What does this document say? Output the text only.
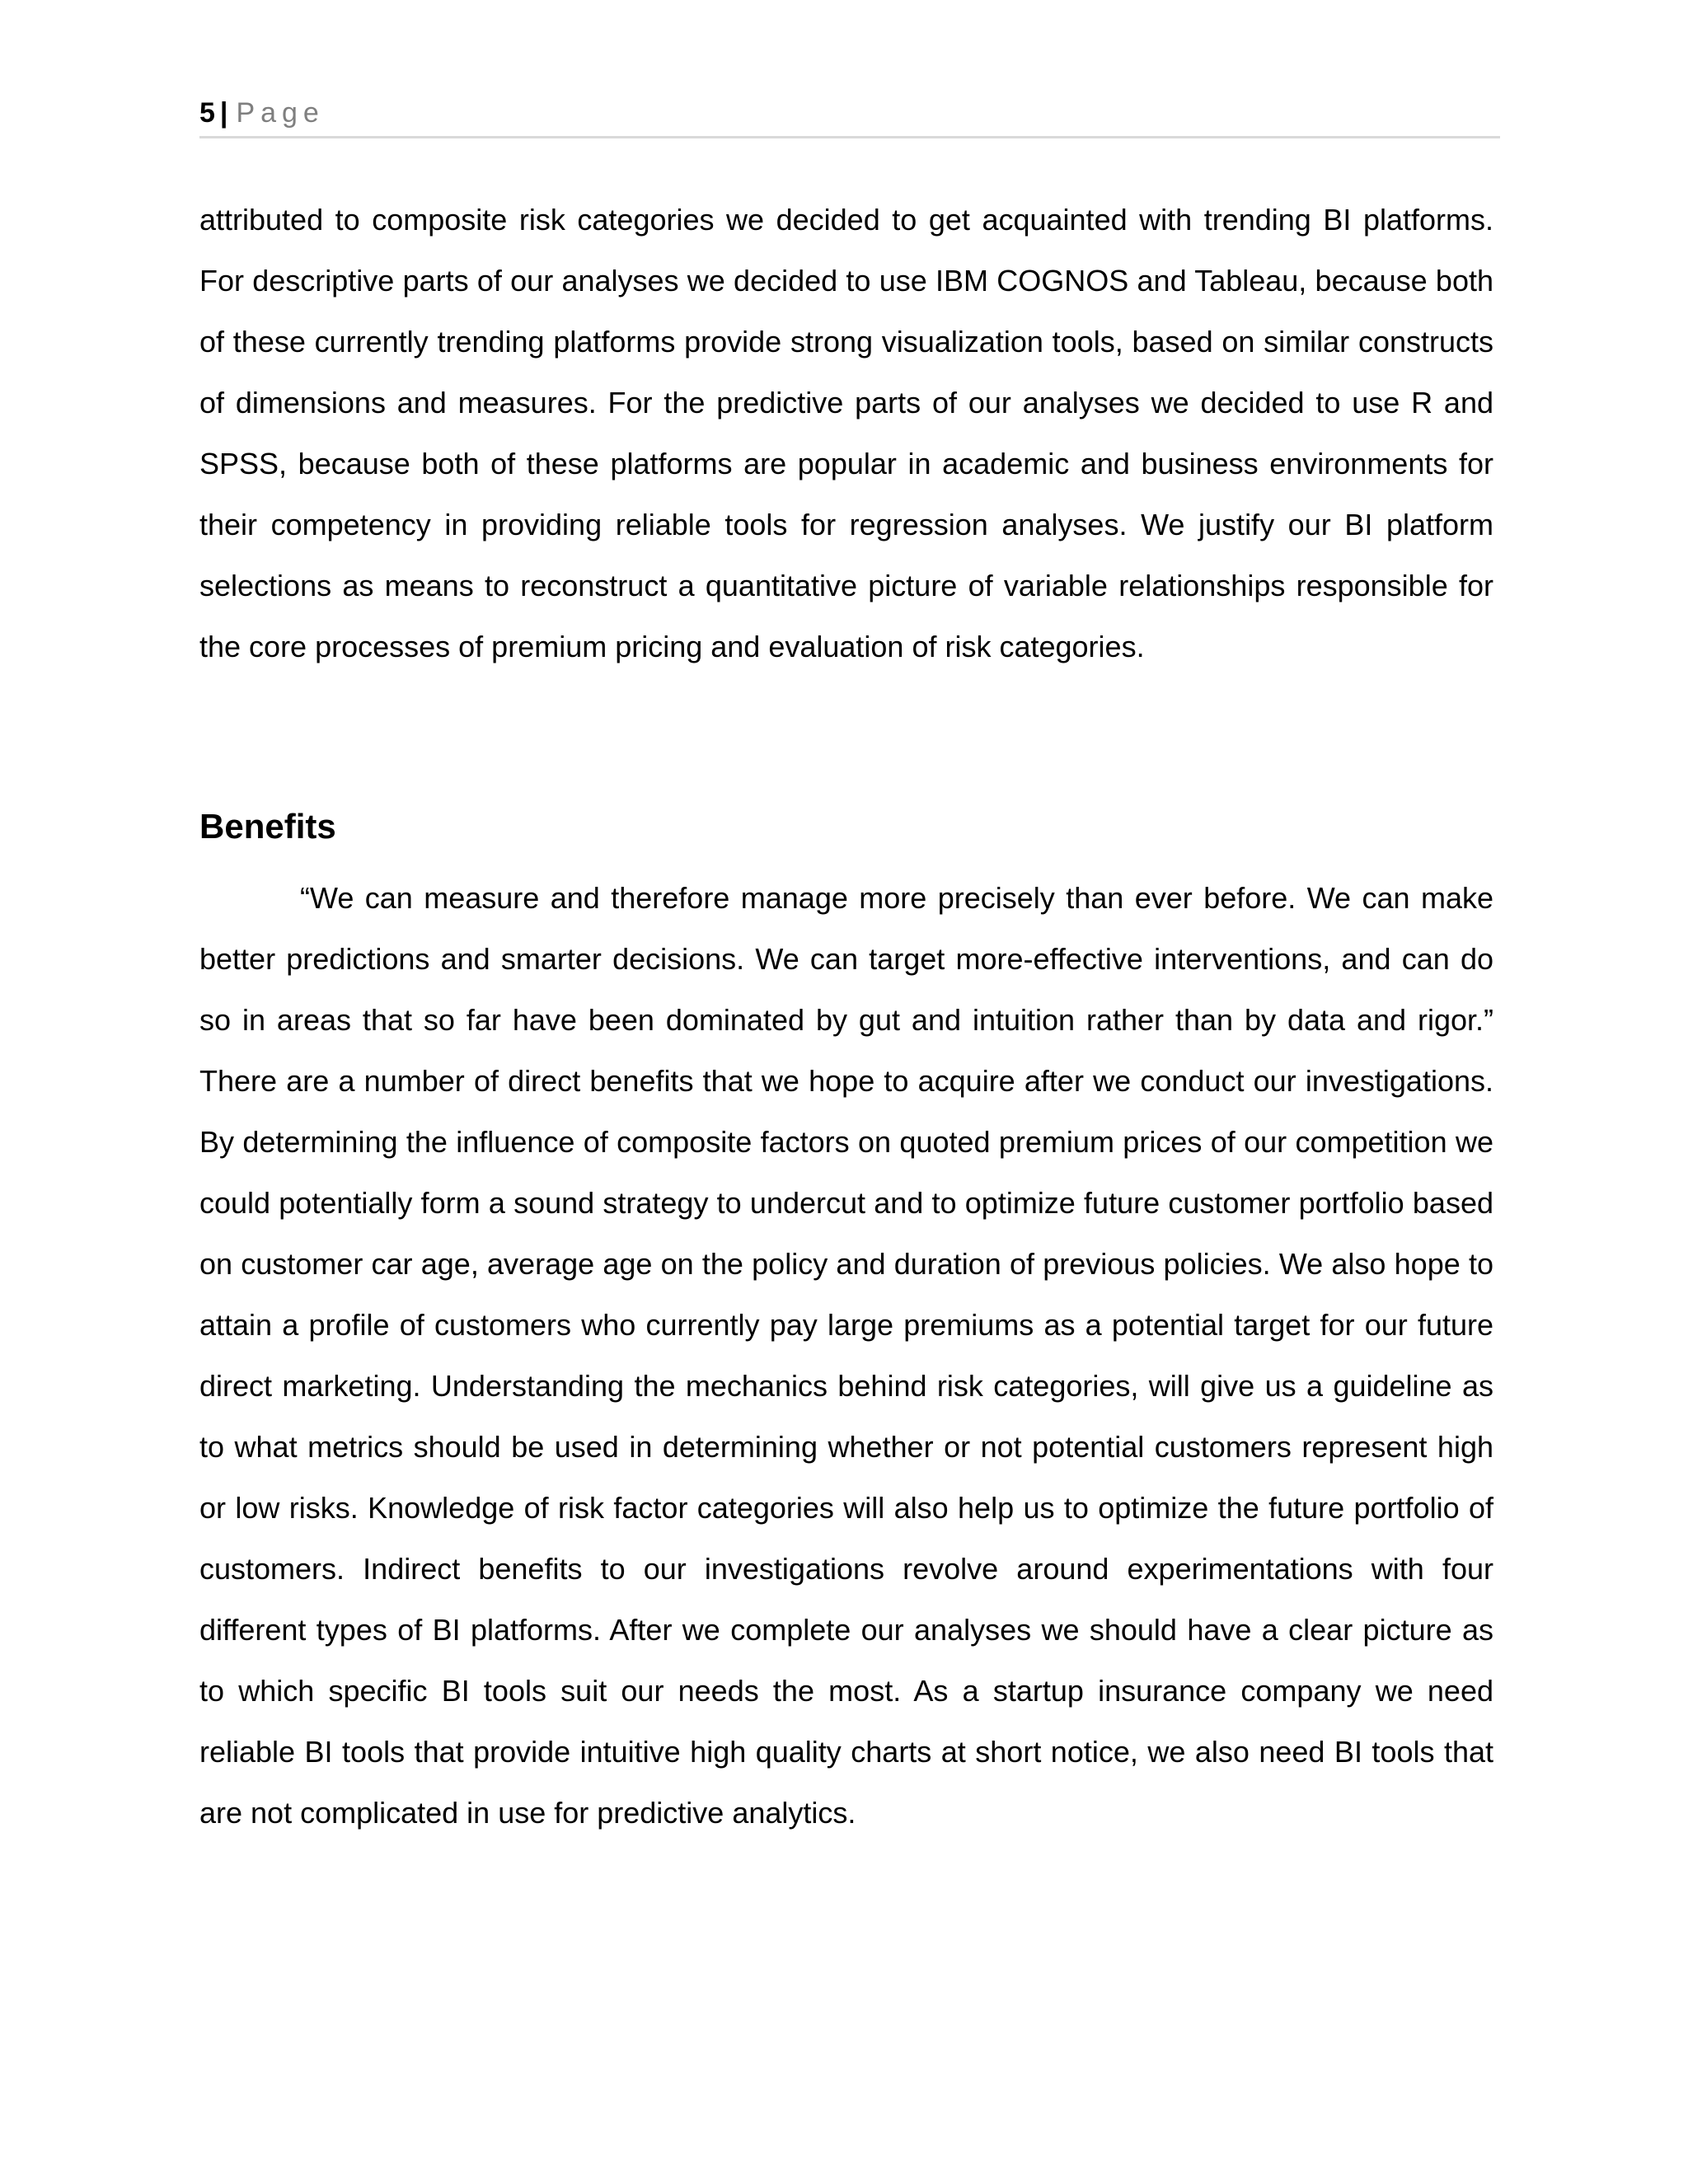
5 | Page

attributed to composite risk categories we decided to get acquainted with trending BI platforms. For descriptive parts of our analyses we decided to use IBM COGNOS and Tableau, because both of these currently trending platforms provide strong visualization tools, based on similar constructs of dimensions and measures. For the predictive parts of our analyses we decided to use R and SPSS, because both of these platforms are popular in academic and business environments for their competency in providing reliable tools for regression analyses. We justify our BI platform selections as means to reconstruct a quantitative picture of variable relationships responsible for the core processes of premium pricing and evaluation of risk categories.

Benefits

“We can measure and therefore manage more precisely than ever before. We can make better predictions and smarter decisions. We can target more-effective interventions, and can do so in areas that so far have been dominated by gut and intuition rather than by data and rigor.” There are a number of direct benefits that we hope to acquire after we conduct our investigations. By determining the influence of composite factors on quoted premium prices of our competition we could potentially form a sound strategy to undercut and to optimize future customer portfolio based on customer car age, average age on the policy and duration of previous policies. We also hope to attain a profile of customers who currently pay large premiums as a potential target for our future direct marketing. Understanding the mechanics behind risk categories, will give us a guideline as to what metrics should be used in determining whether or not potential customers represent high or low risks. Knowledge of risk factor categories will also help us to optimize the future portfolio of customers. Indirect benefits to our investigations revolve around experimentations with four different types of BI platforms. After we complete our analyses we should have a clear picture as to which specific BI tools suit our needs the most. As a startup insurance company we need reliable BI tools that provide intuitive high quality charts at short notice, we also need BI tools that are not complicated in use for predictive analytics.
